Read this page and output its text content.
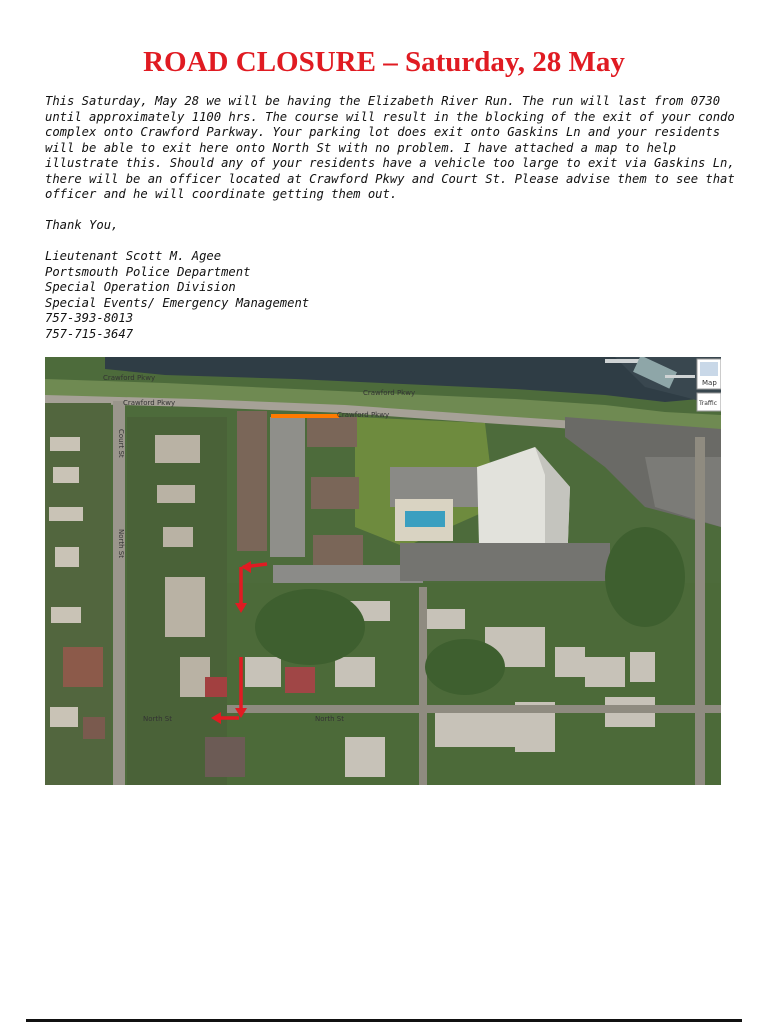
ROAD CLOSURE – Saturday, 28 May
This Saturday, May 28 we will be having the Elizabeth River Run. The run will last from 0730 until approximately 1100 hrs. The course will result in the blocking of the exit of your condo complex onto Crawford Parkway. Your parking lot does exit onto Gaskins Ln and your residents will be able to exit here onto North St with no problem. I have attached a map to help illustrate this. Should any of your residents have a vehicle too large to exit via Gaskins Ln, there will be an officer located at Crawford Pkwy and Court St. Please advise them to see that officer and he will coordinate getting them out.
Thank You,
Lieutenant Scott M. Agee
Portsmouth Police Department
Special Operation Division
Special Events/ Emergency Management
757-393-8013
757-715-3647
Crawford Pkwy
Crawford Pkwy
Crawford Pkwy
Crawford Pkwy
Court St
North St
North St	North St
Map
Traffic
